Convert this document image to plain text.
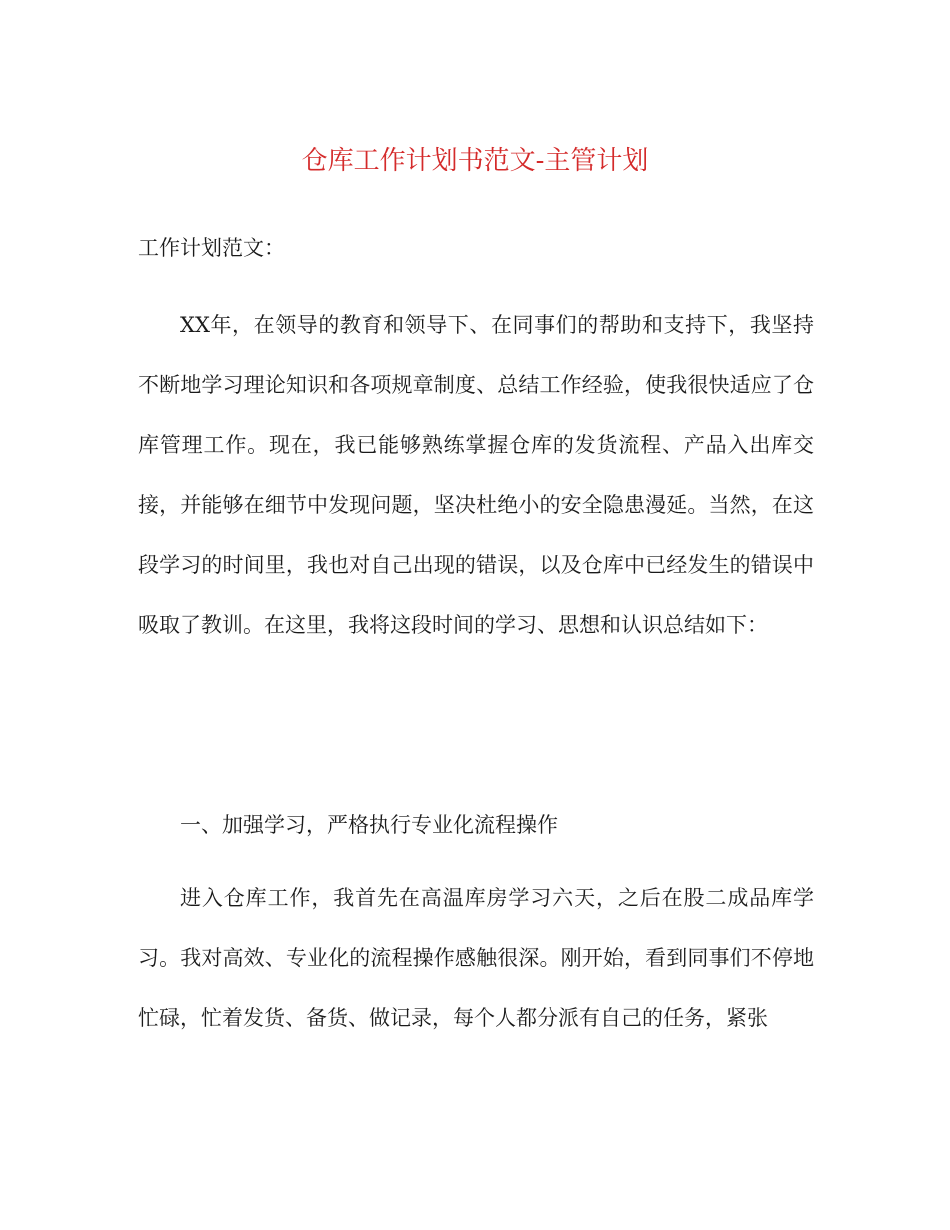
仓库工作计划书范文-主管计划

工作计划范文：

XX年，在领导的教育和领导下、在同事们的帮助和支持下，我坚持不断地学习理论知识和各项规章制度、总结工作经验，使我很快适应了仓库管理工作。现在，我已能够熟练掌握仓库的发货流程、产品入出库交接，并能够在细节中发现问题，坚决杜绝小的安全隐患漫延。当然，在这段学习的时间里，我也对自己出现的错误，以及仓库中已经发生的错误中吸取了教训。在这里，我将这段时间的学习、思想和认识总结如下：

一、加强学习，严格执行专业化流程操作

进入仓库工作，我首先在高温库房学习六天，之后在股二成品库学习。我对高效、专业化的流程操作感触很深。刚开始，看到同事们不停地忙碌，忙着发货、备货、做记录，每个人都分派有自己的任务，紧张
